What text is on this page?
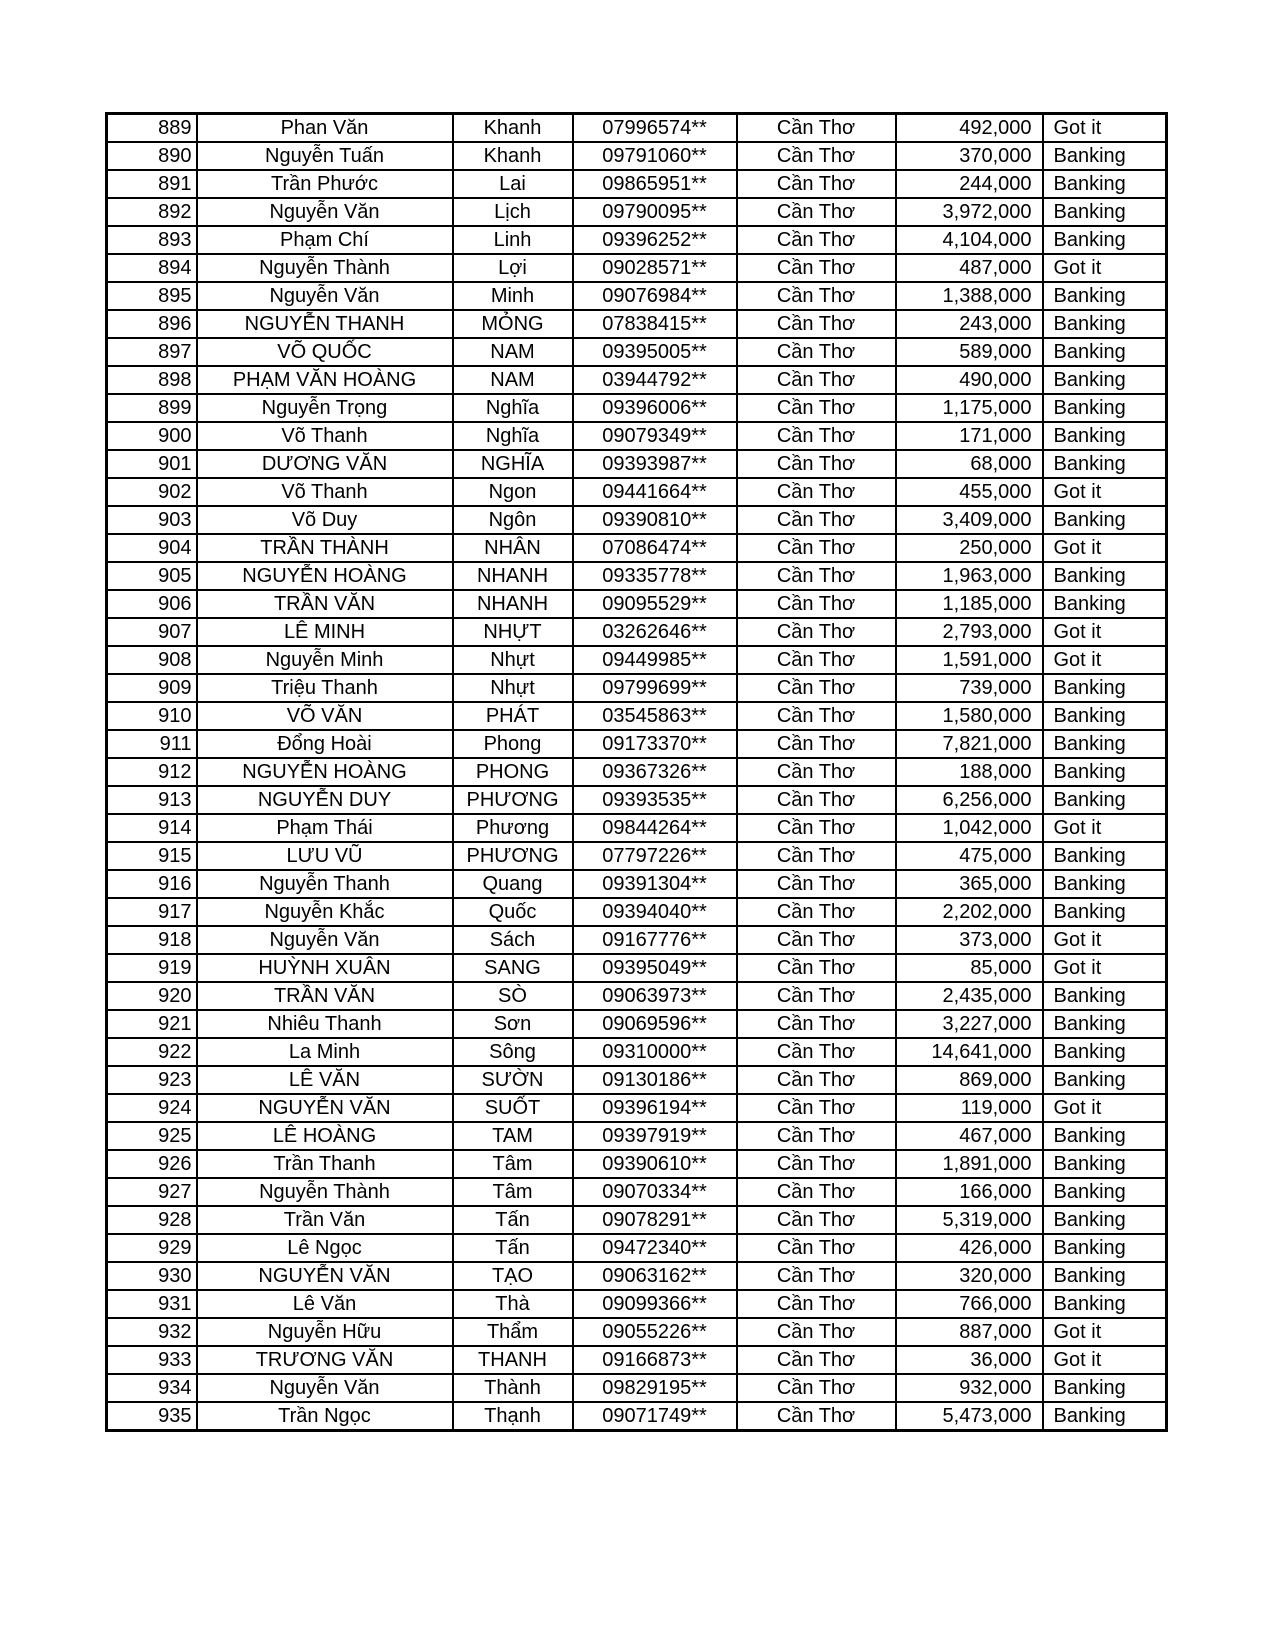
889	Phan Văn	Khanh	07996574**	Cần Thơ	492,000	Got it
890	Nguyễn Tuấn	Khanh	09791060**	Cần Thơ	370,000	Banking
891	Trần Phước	Lai	09865951**	Cần Thơ	244,000	Banking
892	Nguyễn Văn	Lịch	09790095**	Cần Thơ	3,972,000	Banking
893	Phạm Chí	Linh	09396252**	Cần Thơ	4,104,000	Banking
894	Nguyễn Thành	Lợi	09028571**	Cần Thơ	487,000	Got it
895	Nguyễn Văn	Minh	09076984**	Cần Thơ	1,388,000	Banking
896	NGUYỄN THANH	MỎNG	07838415**	Cần Thơ	243,000	Banking
897	VÕ QUỐC	NAM	09395005**	Cần Thơ	589,000	Banking
898	PHẠM VĂN HOÀNG	NAM	03944792**	Cần Thơ	490,000	Banking
899	Nguyễn Trọng	Nghĩa	09396006**	Cần Thơ	1,175,000	Banking
900	Võ Thanh	Nghĩa	09079349**	Cần Thơ	171,000	Banking
901	DƯƠNG VĂN	NGHĨA	09393987**	Cần Thơ	68,000	Banking
902	Võ Thanh	Ngon	09441664**	Cần Thơ	455,000	Got it
903	Võ Duy	Ngôn	09390810**	Cần Thơ	3,409,000	Banking
904	TRẦN THÀNH	NHÂN	07086474**	Cần Thơ	250,000	Got it
905	NGUYỄN HOÀNG	NHANH	09335778**	Cần Thơ	1,963,000	Banking
906	TRẦN VĂN	NHANH	09095529**	Cần Thơ	1,185,000	Banking
907	LÊ MINH	NHỰT	03262646**	Cần Thơ	2,793,000	Got it
908	Nguyễn Minh	Nhựt	09449985**	Cần Thơ	1,591,000	Got it
909	Triệu Thanh	Nhựt	09799699**	Cần Thơ	739,000	Banking
910	VÕ VĂN	PHÁT	03545863**	Cần Thơ	1,580,000	Banking
911	Đổng Hoài	Phong	09173370**	Cần Thơ	7,821,000	Banking
912	NGUYỄN HOÀNG	PHONG	09367326**	Cần Thơ	188,000	Banking
913	NGUYỄN DUY	PHƯƠNG	09393535**	Cần Thơ	6,256,000	Banking
914	Phạm Thái	Phương	09844264**	Cần Thơ	1,042,000	Got it
915	LƯU VŨ	PHƯƠNG	07797226**	Cần Thơ	475,000	Banking
916	Nguyễn Thanh	Quang	09391304**	Cần Thơ	365,000	Banking
917	Nguyễn Khắc	Quốc	09394040**	Cần Thơ	2,202,000	Banking
918	Nguyễn Văn	Sách	09167776**	Cần Thơ	373,000	Got it
919	HUỲNH XUÂN	SANG	09395049**	Cần Thơ	85,000	Got it
920	TRẦN VĂN	SÒ	09063973**	Cần Thơ	2,435,000	Banking
921	Nhiêu Thanh	Sơn	09069596**	Cần Thơ	3,227,000	Banking
922	La Minh	Sông	09310000**	Cần Thơ	14,641,000	Banking
923	LÊ VĂN	SƯỜN	09130186**	Cần Thơ	869,000	Banking
924	NGUYỄN VĂN	SUỐT	09396194**	Cần Thơ	119,000	Got it
925	LÊ HOÀNG	TAM	09397919**	Cần Thơ	467,000	Banking
926	Trần Thanh	Tâm	09390610**	Cần Thơ	1,891,000	Banking
927	Nguyễn Thành	Tâm	09070334**	Cần Thơ	166,000	Banking
928	Trần Văn	Tấn	09078291**	Cần Thơ	5,319,000	Banking
929	Lê Ngọc	Tấn	09472340**	Cần Thơ	426,000	Banking
930	NGUYỄN VĂN	TẠO	09063162**	Cần Thơ	320,000	Banking
931	Lê Văn	Thà	09099366**	Cần Thơ	766,000	Banking
932	Nguyễn Hữu	Thẩm	09055226**	Cần Thơ	887,000	Got it
933	TRƯƠNG VĂN	THANH	09166873**	Cần Thơ	36,000	Got it
934	Nguyễn Văn	Thành	09829195**	Cần Thơ	932,000	Banking
935	Trần Ngọc	Thạnh	09071749**	Cần Thơ	5,473,000	Banking
